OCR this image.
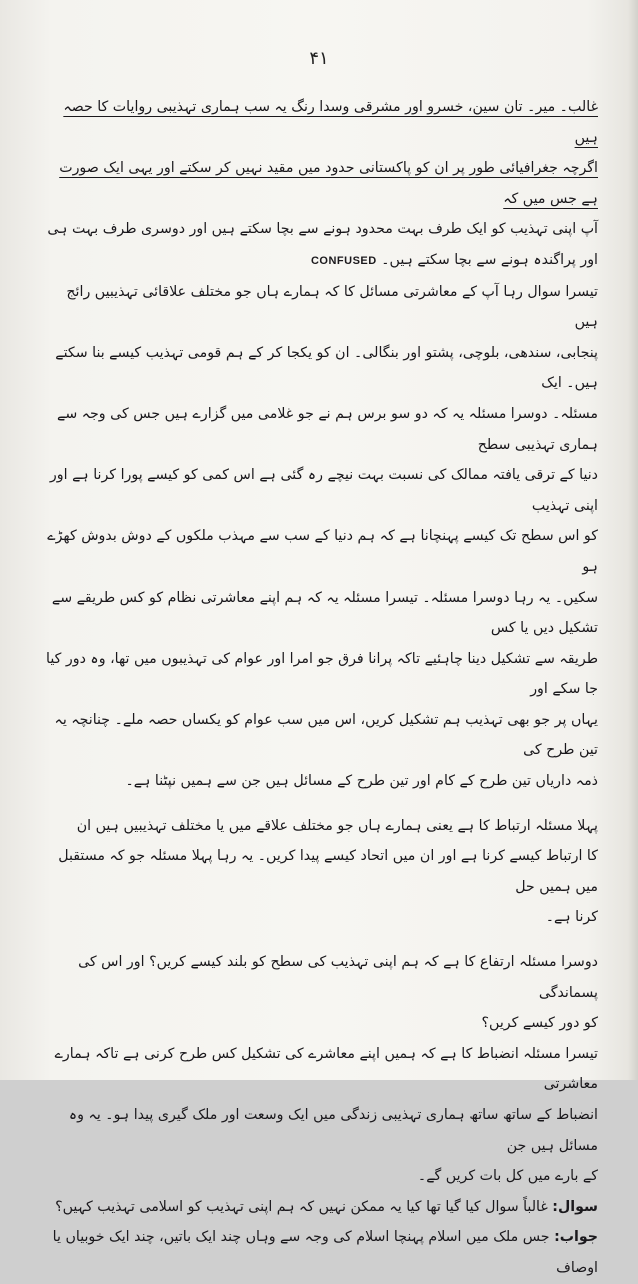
۴۱

غالب۔ میر۔ تان سین، خسرو اور مشرقی وسدا رنگ یہ سب ہماری تہذیبی روایات کا حصہ ہیں

اگرچہ جغرافیائی طور پر ان کو پاکستانی حدود میں مقید نہیں کر سکتے اور یہی ایک صورت ہے جس میں کہ

آپ اپنی تہذیب کو ایک طرف بہت محدود ہونے سے بچا سکتے ہیں اور دوسری طرف بہت ہی

اور پراگندہ ہونے سے بچا سکتے ہیں۔ CONFUSED

تیسرا سوال رہا آپ کے معاشرتی مسائل کا کہ ہمارے ہاں جو مختلف علاقائی تہذیبیں رائج ہیں

پنجابی، سندھی، بلوچی، پشتو اور بنگالی۔ ان کو یکجا کر کے ہم قومی تہذیب کیسے بنا سکتے ہیں۔ ایک

مسئلہ۔ دوسرا مسئلہ یہ کہ دو سو برس ہم نے جو غلامی میں گزارے ہیں جس کی وجہ سے ہماری تہذیبی سطح

دنیا کے ترقی یافتہ ممالک کی نسبت بہت نیچے رہ گئی ہے اس کمی کو کیسے پورا کرنا ہے اور اپنی تہذیب

کو اس سطح تک کیسے پہنچانا ہے کہ ہم دنیا کے سب سے مہذب ملکوں کے دوش بدوش کھڑے ہو

سکیں۔ یہ رہا دوسرا مسئلہ۔ تیسرا مسئلہ یہ کہ ہم اپنے معاشرتی نظام کو کس طریقے سے تشکیل دیں یا کس

طریقہ سے تشکیل دینا چاہئیے تاکہ پرانا فرق جو امرا اور عوام کی تہذیبوں میں تھا، وہ دور کیا جا سکے اور

یہاں پر جو بھی تہذیب ہم تشکیل کریں، اس میں سب عوام کو یکساں حصہ ملے۔ چنانچہ یہ تین طرح کی

ذمہ داریاں تین طرح کے کام اور تین طرح کے مسائل ہیں جن سے ہمیں نپٹنا ہے۔

پہلا مسئلہ ارتباط کا ہے یعنی ہمارے ہاں جو مختلف علاقے میں یا مختلف تہذیبیں ہیں ان

کا ارتباط کیسے کرنا ہے اور ان میں اتحاد کیسے پیدا کریں۔ یہ رہا پہلا مسئلہ جو کہ مستقبل میں ہمیں حل

کرنا ہے۔

دوسرا مسئلہ ارتفاع کا ہے کہ ہم اپنی تہذیب کی سطح کو بلند کیسے کریں؟ اور اس کی پسماندگی

کو دور کیسے کریں؟

تیسرا مسئلہ انضباط کا ہے کہ ہمیں اپنے معاشرے کی تشکیل کس طرح کرنی ہے تاکہ ہمارے معاشرتی

انضباط کے ساتھ ساتھ ہماری تہذیبی زندگی میں ایک وسعت اور ملک گیری پیدا ہو۔ یہ وہ مسائل ہیں جن

کے بارے میں کل بات کریں گے۔

سوال: غالباً سوال کیا گیا تھا کیا یہ ممکن نہیں کہ ہم اپنی تہذیب کو اسلامی تہذیب کہیں؟

جواب: جس ملک میں اسلام پہنچا اسلام کی وجہ سے وہاں چند ایک باتیں، چند ایک خوبیاں یا اوصاف
